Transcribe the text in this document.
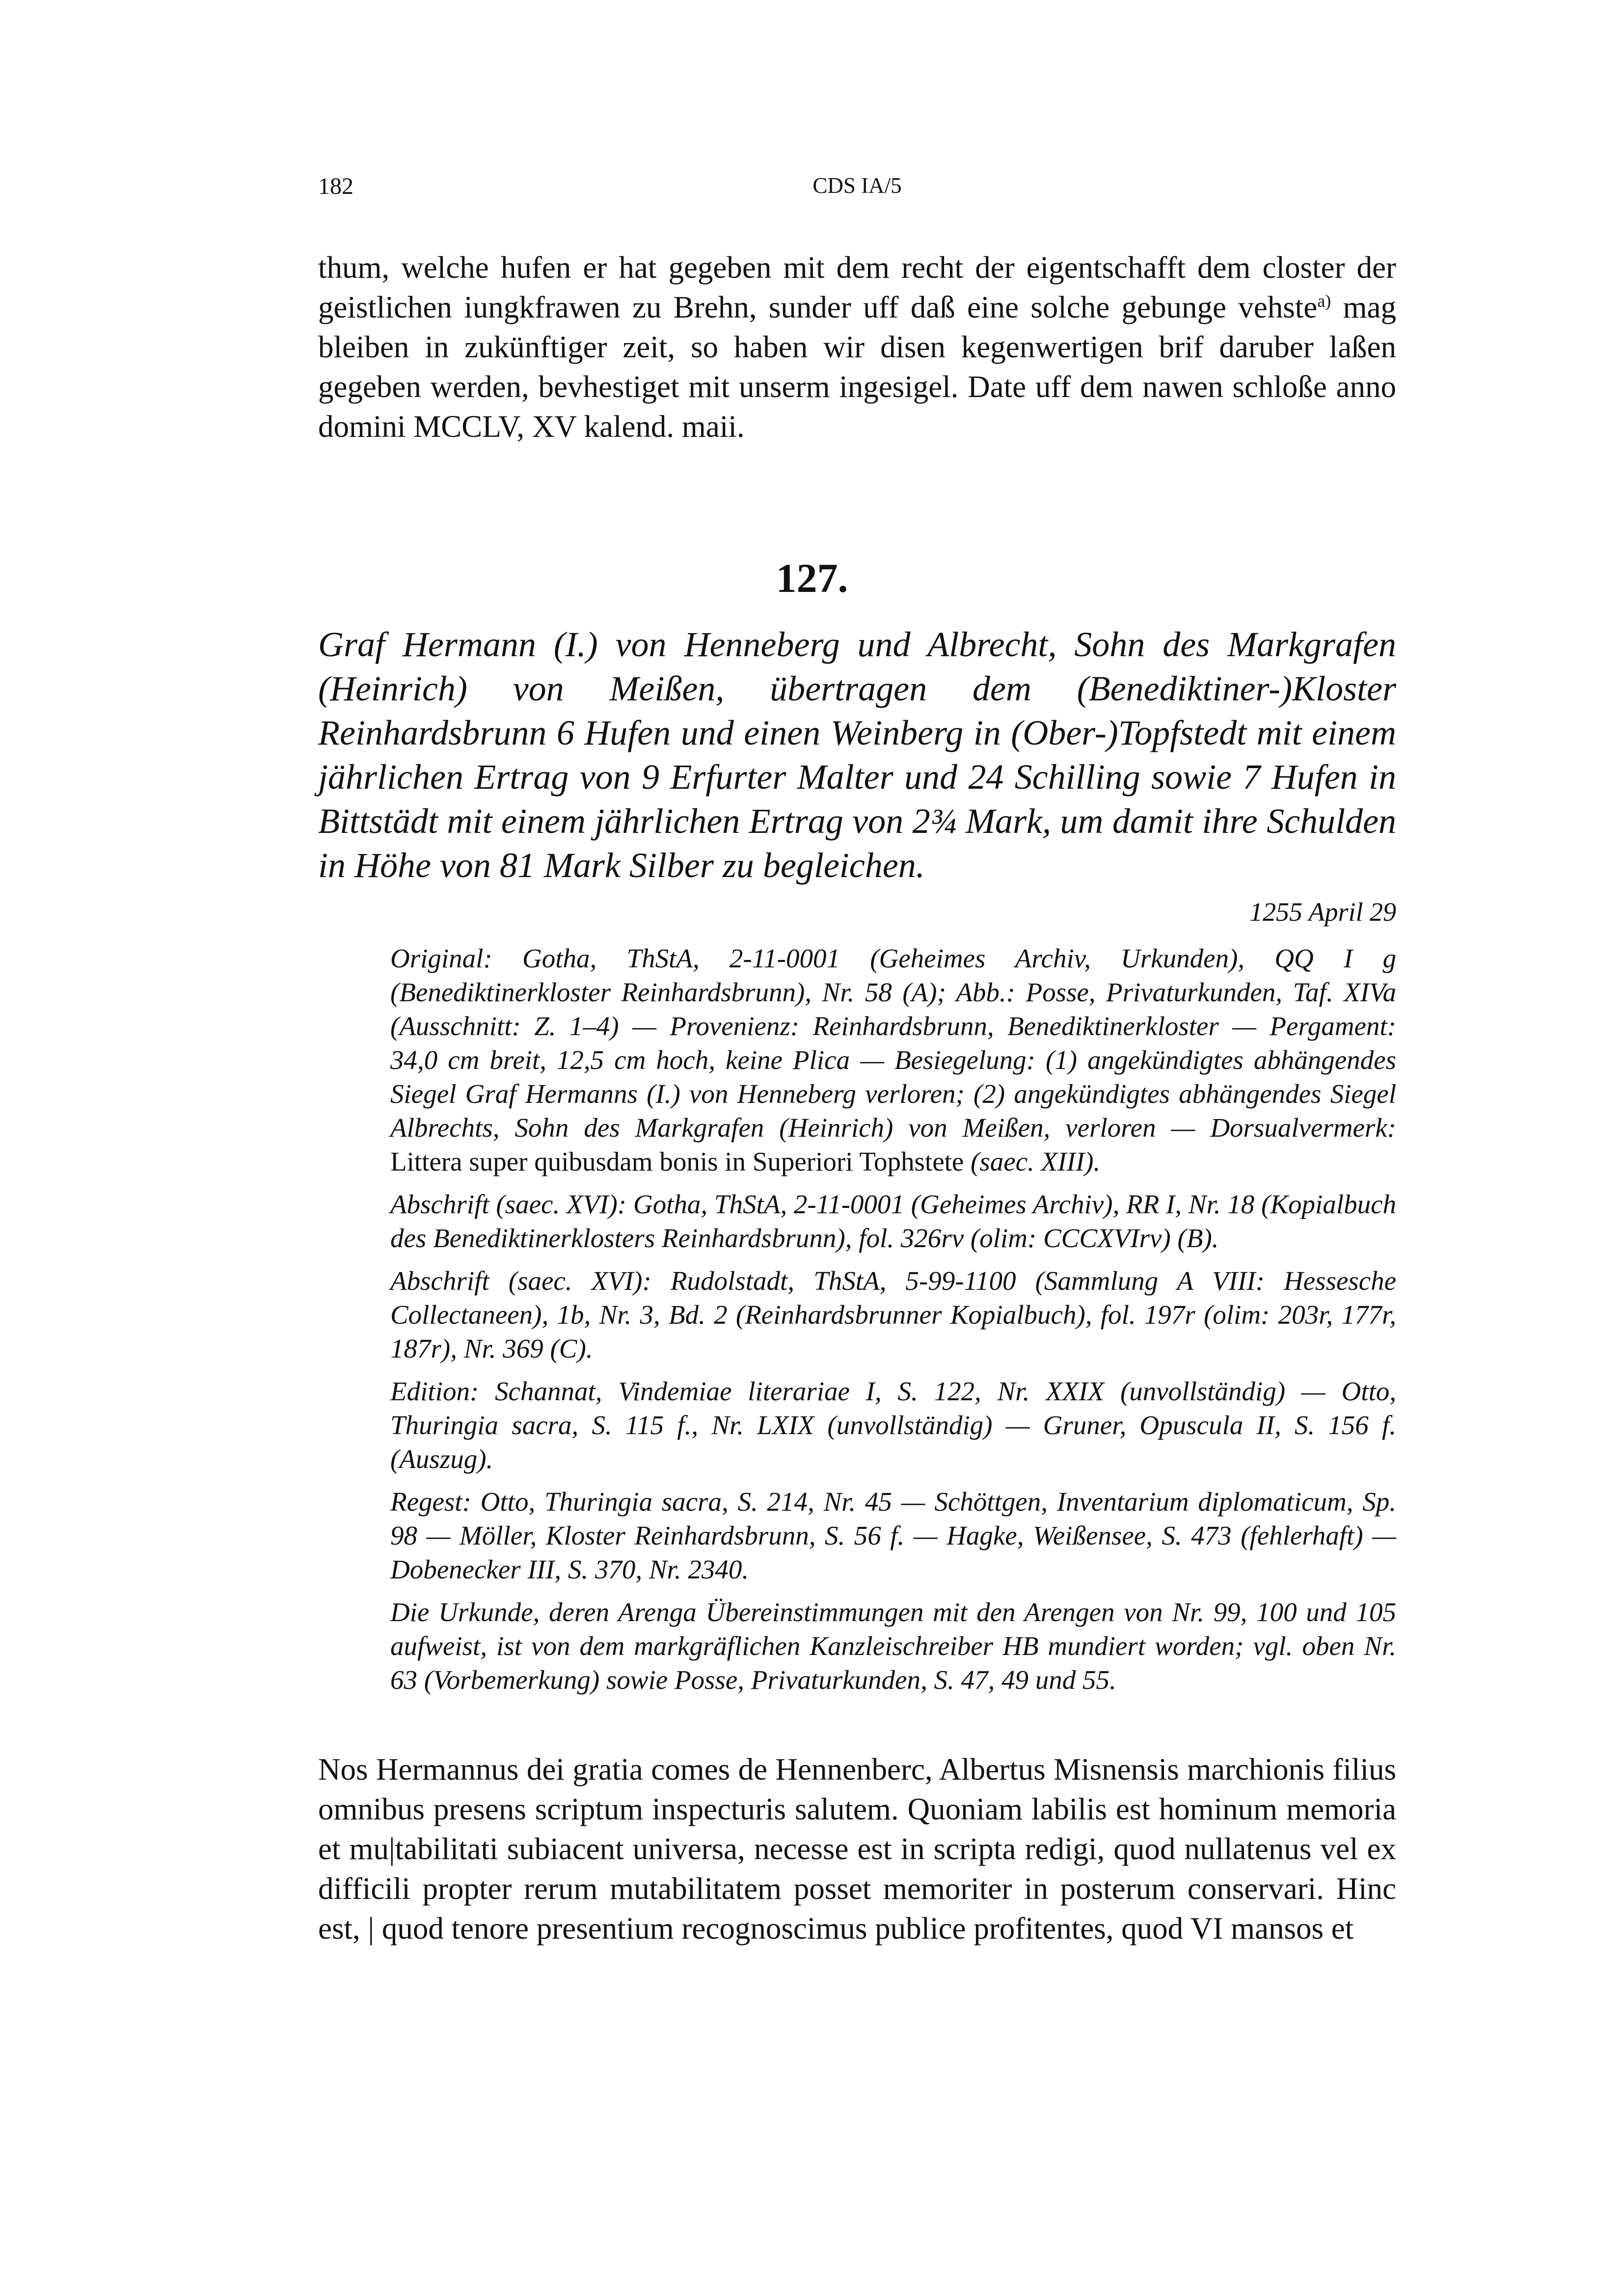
182	CDS IA/5

thum, welche hufen er hat gegeben mit dem recht der eigentschafft dem closter der geistlichen iungkfrawen zu Brehn, sunder uff daß eine solche gebunge vehste$^{a)}$ mag bleiben in zukünftiger zeit, so haben wir disen kegenwertigen brif daruber laßen gegeben werden, bevhestiget mit unserm ingesigel. Date uff dem nawen schloße anno domini MCCLV, XV kalend. maii.

127.

Graf Hermann (I.) von Henneberg und Albrecht, Sohn des Markgrafen (Heinrich) von Meißen, übertragen dem (Benediktiner-)Kloster Reinhardsbrunn 6 Hufen und einen Weinberg in (Ober-)Topfstedt mit einem jährlichen Ertrag von 9 Erfurter Malter und 24 Schilling sowie 7 Hufen in Bittstädt mit einem jährlichen Ertrag von 2¾ Mark, um damit ihre Schulden in Höhe von 81 Mark Silber zu begleichen.

1255 April 29

Original: Gotha, ThStA, 2-11-0001 (Geheimes Archiv, Urkunden), QQ I g (Benediktinerkloster Reinhardsbrunn), Nr. 58 (A); Abb.: Posse, Privaturkunden, Taf. XIVa (Ausschnitt: Z. 1–4) — Provenienz: Reinhardsbrunn, Benediktinerkloster — Pergament: 34,0 cm breit, 12,5 cm hoch, keine Plica — Besiegelung: (1) angekündigtes abhängendes Siegel Graf Hermanns (I.) von Henneberg verloren; (2) angekündigtes abhängendes Siegel Albrechts, Sohn des Markgrafen (Heinrich) von Meißen, verloren — Dorsualvermerk: Littera super quibusdam bonis in Superiori Tophstete (saec. XIII).

Abschrift (saec. XVI): Gotha, ThStA, 2-11-0001 (Geheimes Archiv), RR I, Nr. 18 (Kopialbuch des Benediktinerklosters Reinhardsbrunn), fol. 326rv (olim: CCCXVIrv) (B).

Abschrift (saec. XVI): Rudolstadt, ThStA, 5-99-1100 (Sammlung A VIII: Hessesche Collectaneen), 1b, Nr. 3, Bd. 2 (Reinhardsbrunner Kopialbuch), fol. 197r (olim: 203r, 177r, 187r), Nr. 369 (C).

Edition: Schannat, Vindemiae literariae I, S. 122, Nr. XXIX (unvollständig) — Otto, Thuringia sacra, S. 115 f., Nr. LXIX (unvollständig) — Gruner, Opuscula II, S. 156 f. (Auszug).

Regest: Otto, Thuringia sacra, S. 214, Nr. 45 — Schöttgen, Inventarium diplomaticum, Sp. 98 — Möller, Kloster Reinhardsbrunn, S. 56 f. — Hagke, Weißensee, S. 473 (fehlerhaft) — Dobenecker III, S. 370, Nr. 2340.

Die Urkunde, deren Arenga Übereinstimmungen mit den Arengen von Nr. 99, 100 und 105 aufweist, ist von dem markgräflichen Kanzleischreiber HB mundiert worden; vgl. oben Nr. 63 (Vorbemerkung) sowie Posse, Privaturkunden, S. 47, 49 und 55.

Nos Hermannus dei gratia comes de Hennenberc, Albertus Misnensis marchionis filius omnibus presens scriptum inspecturis salutem. Quoniam labilis est hominum memoria et mu|tabilitati subiacent universa, necesse est in scripta redigi, quod nullatenus vel ex difficili propter rerum mutabilitatem posset memoriter in posterum conservari. Hinc est, | quod tenore presentium recognoscimus publice profitentes, quod VI mansos et
